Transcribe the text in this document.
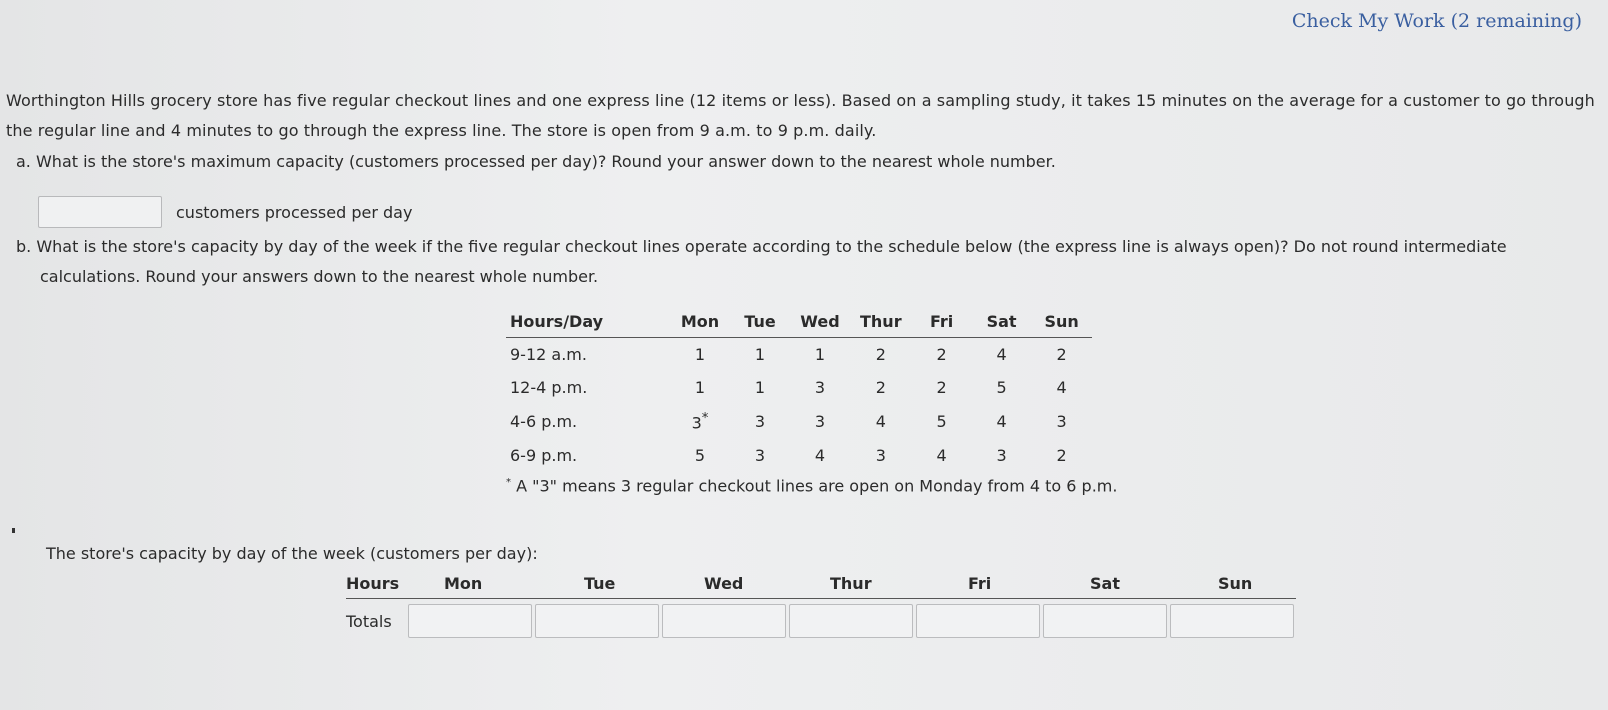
Check My Work (2 remaining)
Worthington Hills grocery store has five regular checkout lines and one express line (12 items or less). Based on a sampling study, it takes 15 minutes on the average for a customer to go through the regular line and 4 minutes to go through the express line. The store is open from 9 a.m. to 9 p.m. daily.
a. What is the store's maximum capacity (customers processed per day)? Round your answer down to the nearest whole number.
customers processed per day
b. What is the store's capacity by day of the week if the five regular checkout lines operate according to the schedule below (the express line is always open)? Do not round intermediate
calculations. Round your answers down to the nearest whole number.
Hours/Day	Mon	Tue	Wed	Thur	Fri	Sat	Sun
9-12 a.m.	1	1	1	2	2	4	2
12-4 p.m.	1	1	3	2	2	5	4
4-6 p.m.	3*	3	3	4	5	4	3
6-9 p.m.	5	3	4	3	4	3	2
* A "3" means 3 regular checkout lines are open on Monday from 4 to 6 p.m.
The store's capacity by day of the week (customers per day):
Hours	Mon	Tue	Wed	Thur	Fri	Sat	Sun
Totals
